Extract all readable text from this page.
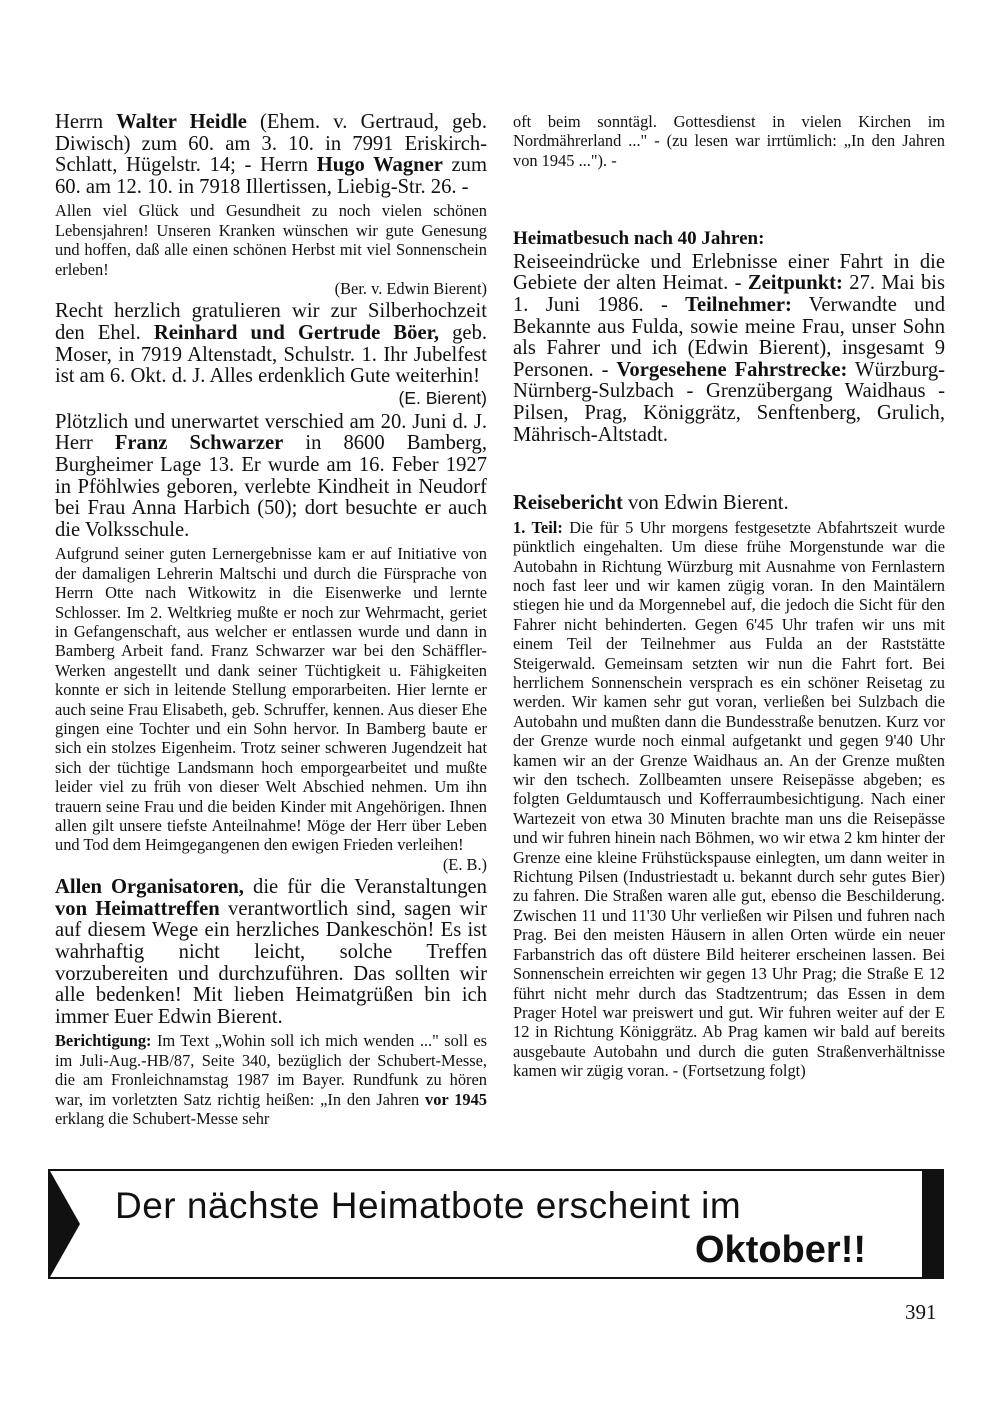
Herrn Walter Heidle (Ehem. v. Gertraud, geb. Diwisch) zum 60. am 3. 10. in 7991 Eriskirch-Schlatt, Hügelstr. 14; - Herrn Hugo Wagner zum 60. am 12. 10. in 7918 Illertissen, Liebig-Str. 26. -

Allen viel Glück und Gesundheit zu noch vielen schönen Lebensjahren! Unseren Kranken wünschen wir gute Genesung und hoffen, daß alle einen schönen Herbst mit viel Sonnenschein erleben!

(Ber. v. Edwin Bierent)

Recht herzlich gratulieren wir zur Silberhochzeit den Ehel. Reinhard und Gertrude Böer, geb. Moser, in 7919 Altenstadt, Schulstr. 1. Ihr Jubelfest ist am 6. Okt. d. J. Alles erdenklich Gute weiterhin!

(E. Bierent)

Plötzlich und unerwartet verschied am 20. Juni d. J. Herr Franz Schwarzer in 8600 Bamberg, Burgheimer Lage 13. Er wurde am 16. Feber 1927 in Pföhlwies geboren, verlebte Kindheit in Neudorf bei Frau Anna Harbich (50); dort besuchte er auch die Volksschule.

Aufgrund seiner guten Lernergebnisse kam er auf Initiative von der damaligen Lehrerin Maltschi und durch die Fürsprache von Herrn Otte nach Witkowitz in die Eisenwerke und lernte Schlosser. Im 2. Weltkrieg mußte er noch zur Wehrmacht, geriet in Gefangenschaft, aus welcher er entlassen wurde und dann in Bamberg Arbeit fand. Franz Schwarzer war bei den Schäffler-Werken angestellt und dank seiner Tüchtigkeit u. Fähigkeiten konnte er sich in leitende Stellung emporarbeiten. Hier lernte er auch seine Frau Elisabeth, geb. Schruffer, kennen. Aus dieser Ehe gingen eine Tochter und ein Sohn hervor. In Bamberg baute er sich ein stolzes Eigenheim. Trotz seiner schweren Jugendzeit hat sich der tüchtige Landsmann hoch emporgearbeitet und mußte leider viel zu früh von dieser Welt Abschied nehmen. Um ihn trauern seine Frau und die beiden Kinder mit Angehörigen. Ihnen allen gilt unsere tiefste Anteilnahme! Möge der Herr über Leben und Tod dem Heimgegangenen den ewigen Frieden verleihen!

(E. B.)

Allen Organisatoren, die für die Veranstaltungen von Heimattreffen verantwortlich sind, sagen wir auf diesem Wege ein herzliches Dankeschön! Es ist wahrhaftig nicht leicht, solche Treffen vorzubereiten und durchzuführen. Das sollten wir alle bedenken! Mit lieben Heimatgrüßen bin ich immer Euer Edwin Bierent.

Berichtigung: Im Text „Wohin soll ich mich wenden ..." soll es im Juli-Aug.-HB/87, Seite 340, bezüglich der Schubert-Messe, die am Fronleichnamstag 1987 im Bayer. Rundfunk zu hören war, im vorletzten Satz richtig heißen: „In den Jahren vor 1945 erklang die Schubert-Messe sehr

oft beim sonntägl. Gottesdienst in vielen Kirchen im Nordmährerland ..." - (zu lesen war irrtümlich: „In den Jahren von 1945 ..."). -

Heimatbesuch nach 40 Jahren:

Reiseeindrücke und Erlebnisse einer Fahrt in die Gebiete der alten Heimat. - Zeitpunkt: 27. Mai bis 1. Juni 1986. - Teilnehmer: Verwandte und Bekannte aus Fulda, sowie meine Frau, unser Sohn als Fahrer und ich (Edwin Bierent), insgesamt 9 Personen. - Vorgesehene Fahrstrecke: Würzburg-Nürnberg-Sulzbach - Grenzübergang Waidhaus - Pilsen, Prag, Königgrätz, Senftenberg, Grulich, Mährisch-Altstadt.

Reisebericht von Edwin Bierent.

1. Teil: Die für 5 Uhr morgens festgesetzte Abfahrtszeit wurde pünktlich eingehalten. Um diese frühe Morgenstunde war die Autobahn in Richtung Würzburg mit Ausnahme von Fernlastern noch fast leer und wir kamen zügig voran. In den Maintälern stiegen hie und da Morgennebel auf, die jedoch die Sicht für den Fahrer nicht behinderten. Gegen 6'45 Uhr trafen wir uns mit einem Teil der Teilnehmer aus Fulda an der Raststätte Steigerwald. Gemeinsam setzten wir nun die Fahrt fort. Bei herrlichem Sonnenschein versprach es ein schöner Reisetag zu werden. Wir kamen sehr gut voran, verließen bei Sulzbach die Autobahn und mußten dann die Bundesstraße benutzen. Kurz vor der Grenze wurde noch einmal aufgetankt und gegen 9'40 Uhr kamen wir an der Grenze Waidhaus an. An der Grenze mußten wir den tschech. Zollbeamten unsere Reisepässe abgeben; es folgten Geldumtausch und Kofferraumbesichtigung. Nach einer Wartezeit von etwa 30 Minuten brachte man uns die Reisepässe und wir fuhren hinein nach Böhmen, wo wir etwa 2 km hinter der Grenze eine kleine Frühstückspause einlegten, um dann weiter in Richtung Pilsen (Industriestadt u. bekannt durch sehr gutes Bier) zu fahren. Die Straßen waren alle gut, ebenso die Beschilderung. Zwischen 11 und 11'30 Uhr verließen wir Pilsen und fuhren nach Prag. Bei den meisten Häusern in allen Orten würde ein neuer Farbanstrich das oft düstere Bild heiterer erscheinen lassen. Bei Sonnenschein erreichten wir gegen 13 Uhr Prag; die Straße E 12 führt nicht mehr durch das Stadtzentrum; das Essen in dem Prager Hotel war preiswert und gut. Wir fuhren weiter auf der E 12 in Richtung Königgrätz. Ab Prag kamen wir bald auf bereits ausgebaute Autobahn und durch die guten Straßenverhältnisse kamen wir zügig voran. - (Fortsetzung folgt)

Der nächste Heimatbote erscheint im
Oktober!!
391
